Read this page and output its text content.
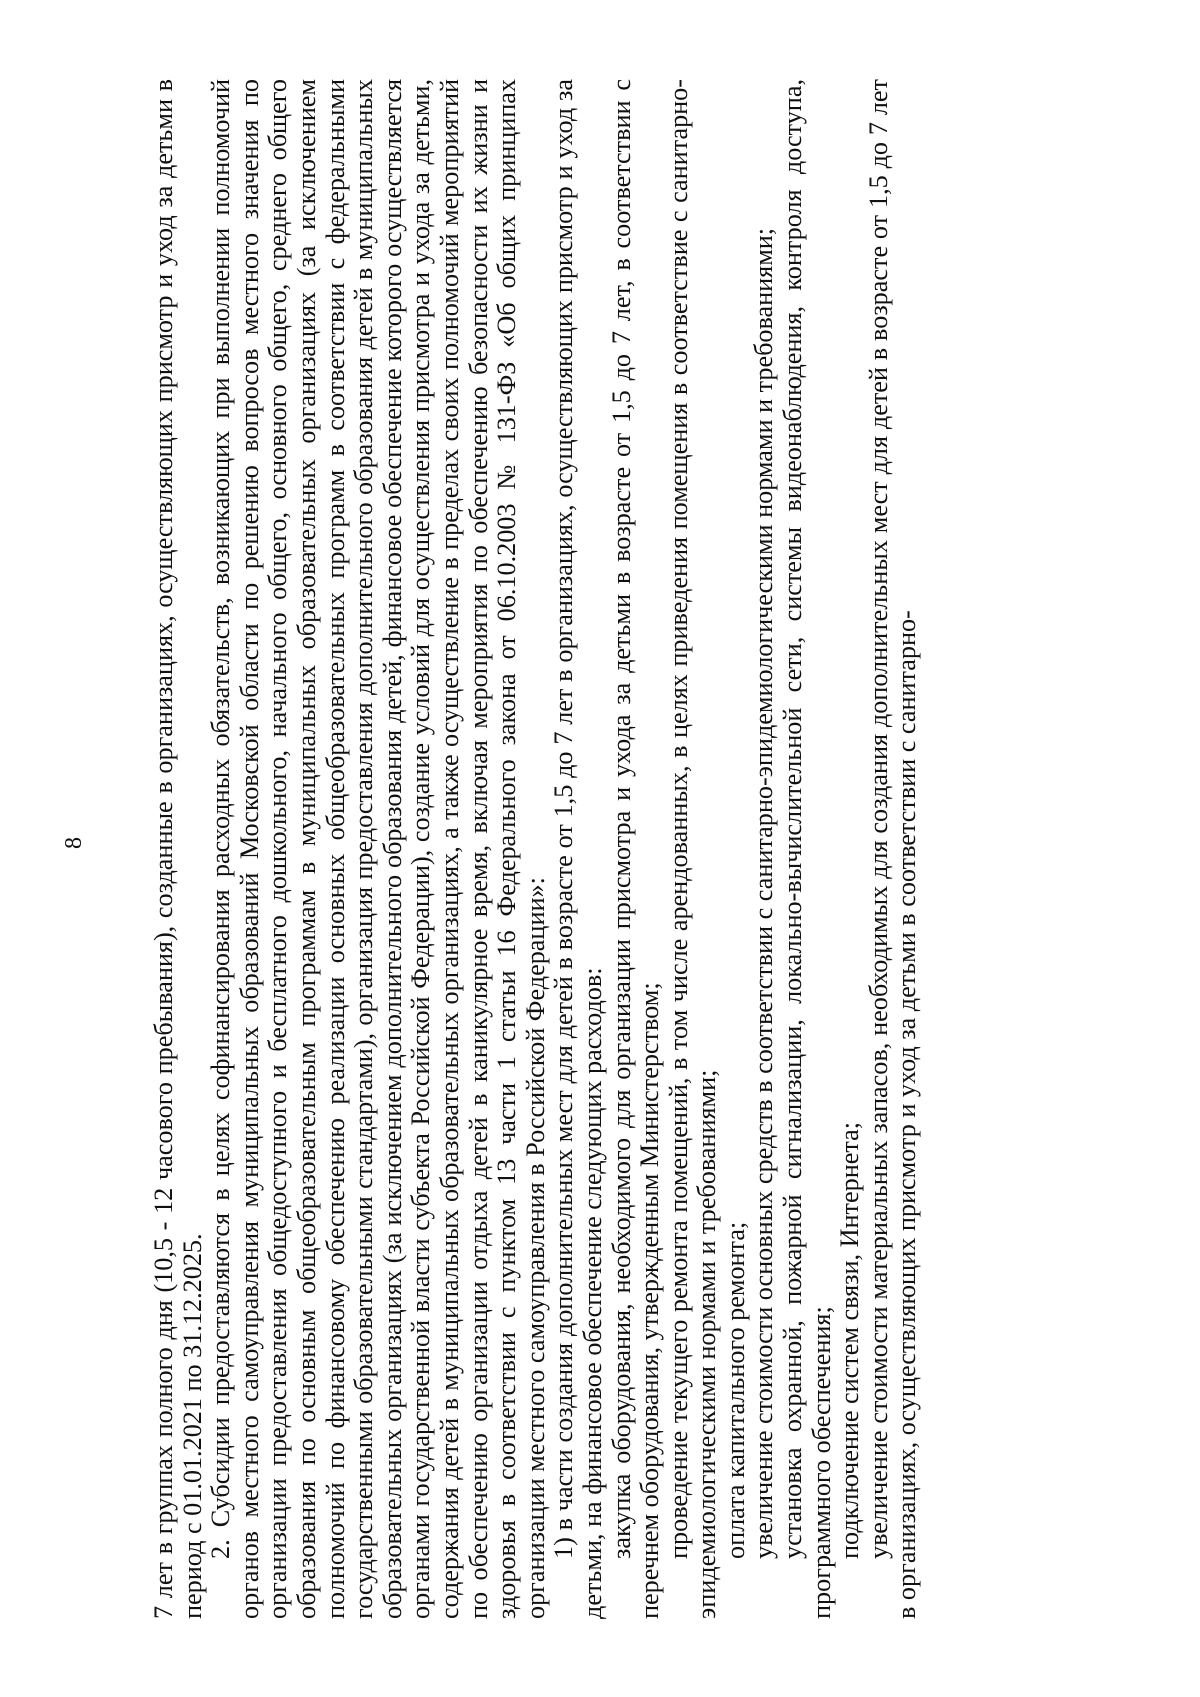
8 7 лет в группах полного дня (10,5 - 12 часового пребывания), созданные в организациях, осуществляющих присмотр и уход за детьми в период с 01.01.2021 по 31.12.2025. 2. Субсидии предоставляются в целях софинансирования расходных обязательств, возникающих при выполнении полномочий органов местного самоуправления муниципальных образований Московской области по решению вопросов местного значения по организации предоставления общедоступного и бесплатного дошкольного, начального общего, основного общего, среднего общего образования по основным общеобразовательным программам в муниципальных образовательных организациях (за исключением полномочий по финансовому обеспечению реализации основных общеобразовательных программ в соответствии с федеральными государственными образовательными стандартами), организация предоставления дополнительного образования детей в муниципальных образовательных организациях (за исключением дополнительного образования детей, финансовое обеспечение которого осуществляется органами государственной власти субъекта Российской Федерации), создание условий для осуществления присмотра и ухода за детьми, содержания детей в муниципальных образовательных организациях, а также осуществление в пределах своих полномочий мероприятий по обеспечению организации отдыха детей в каникулярное время, включая мероприятия по обеспечению безопасности их жизни и здоровья в соответствии с пунктом 13 части 1 статьи 16 Федерального закона от 06.10.2003 № 131-ФЗ «Об общих принципах организации местного самоуправления в Российской Федерации»: 1) в части создания дополнительных мест для детей в возрасте от 1,5 до 7 лет в организациях, осуществляющих присмотр и уход за детьми, на финансовое обеспечение следующих расходов: закупка оборудования, необходимого для организации присмотра и ухода за детьми в возрасте от 1,5 до 7 лет, в соответствии с перечнем оборудования, утвержденным Министерством; проведение текущего ремонта помещений, в том числе арендованных, в целях приведения помещения в соответствие с санитарно-эпидемиологическими нормами и требованиями; оплата капитального ремонта; увеличение стоимости основных средств в соответствии с санитарно-эпидемиологическими нормами и требованиями; установка охранной, пожарной сигнализации, локально-вычислительной сети, системы видеонаблюдения, контроля доступа, программного обеспечения; подключение систем связи, Интернета; увеличение стоимости материальных запасов, необходимых для создания дополнительных мест для детей в возрасте от 1,5 до 7 лет в организациях, осуществляющих присмотр и уход за детьми в соответствии с санитарно-
